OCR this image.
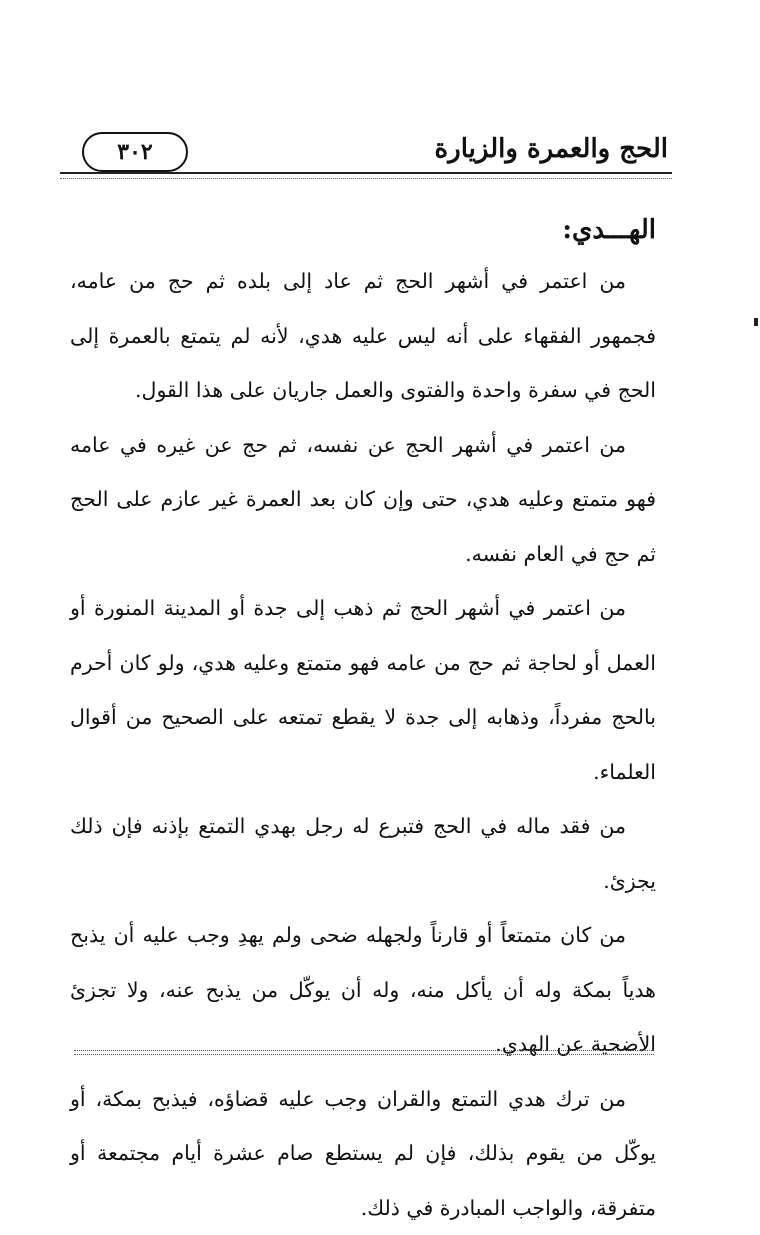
٣٠٢	الحج والعمرة والزيارة
الهـــدي:

من اعتمر في أشهر الحج ثم عاد إلى بلده ثم حج من عامه، فجمهور الفقهاء على أنه ليس عليه هدي، لأنه لم يتمتع بالعمرة إلى الحج في سفرة واحدة والفتوى والعمل جاريان على هذا القول.

من اعتمر في أشهر الحج عن نفسه، ثم حج عن غيره في عامه فهو متمتع وعليه هدي، حتى وإن كان بعد العمرة غير عازم على الحج ثم حج في العام نفسه.

من اعتمر في أشهر الحج ثم ذهب إلى جدة أو المدينة المنورة أو العمل أو لحاجة ثم حج من عامه فهو متمتع وعليه هدي، ولو كان أحرم بالحج مفرداً، وذهابه إلى جدة لا يقطع تمتعه على الصحيح من أقوال العلماء.

من فقد ماله في الحج فتبرع له رجل بهدي التمتع بإذنه فإن ذلك يجزئ.

من كان متمتعاً أو قارناً ولجهله ضحى ولم يهدِ وجب عليه أن يذبح هدياً بمكة وله أن يأكل منه، وله أن يوكّل من يذبح عنه، ولا تجزئ الأضحية عن الهدي.

من ترك هدي التمتع والقران وجب عليه قضاؤه، فيذبح بمكة، أو يوكّل من يقوم بذلك، فإن لم يستطع صام عشرة أيام مجتمعة أو متفرقة، والواجب المبادرة في ذلك.
